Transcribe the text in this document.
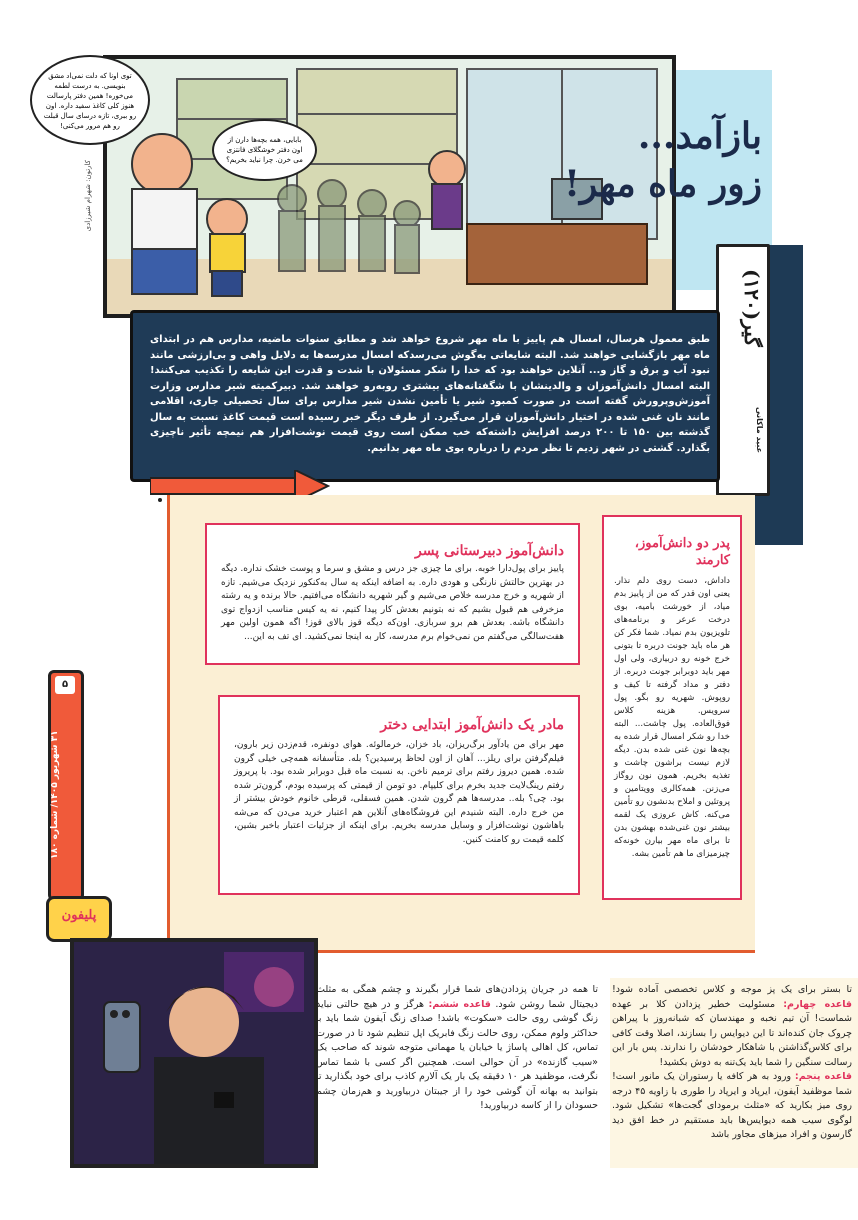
بابایی، همه بچه‌ها دارن از اون دفتر خوشگلای فانتزی می خرن. چرا نباید بخریم؟
توی اونا که دلت نمی‌اد مشق بنویسی. به درست لطمه می‌خوره! همین دفتر پارسالت هنوز کلی کاغذ سفید داره. اون رو ببری، تازه درسای سال قبلت رو هم مرور می‌کنی!
کارتون: شهرام شیرزادی
بازآمد...
زور ماه مهر!
گیر‌(۱۲۰)
عبید ماکانی
طبق معمول هرسال، امسال هم پاییز با ماه مهر شروع خواهد شد و مطابق سنوات ماضیه، مدارس هم در ابتدای ماه مهر بازگشایی خواهند شد. البته شایعاتی به‌گوش می‌رسدکه امسال مدرسه‌ها به دلایل واهی و بی‌ارزشی مانند نبود آب و برق و گاز و... آنلاین خواهند بود که خدا را شکر مسئولان با شدت و قدرت این شایعه را تکذیب می‌کنند! البته امسال دانش‌آموزان و والدینشان با شگفتانه‌های بیشتری روبه‌رو خواهند شد. دبیرکمیته شیر مدارس وزارت آموزش‌وپرورش گفته است در صورت کمبود شیر یا تأمین نشدن شیر مدارس برای سال تحصیلی جاری، اقلامی مانند نان غنی شده در اختیار دانش‌آموزان قرار می‌گیرد. از طرف دیگر خبر رسیده است قیمت کاغذ نسبت به سال گذشته بین ۱۵۰ تا ۲۰۰ درصد افزایش داشته‌که خب ممکن است روی قیمت نوشت‌افزار هم نیمچه تأثیر ناچیزی بگذارد. گشتی در شهر زدیم تا نظر مردم را درباره بوی ماه مهر بدانیم.
دانش‌آموز دبیرستانی پسر
پاییز برای پول‌دارا خوبه. برای ما چیزی جز درس و مشق و سرما و پوست خشک نداره. دیگه در بهترین حالتش نارنگی و هودی داره. به اضافه اینکه یه سال به‌کنکور نزدیک می‌شیم. تازه از شهریه و خرج مدرسه خلاص می‌شیم و گیر شهریه دانشگاه می‌افتیم. حالا برنده و یه رشته مزخرفی هم قبول بشیم که نه بتونیم بعدش کار پیدا کنیم، نه یه کیس مناسب ازدواج توی دانشگاه باشه. بعدش هم برو سربازی. اون‌که دیگه قوز بالای قوز! اگه همون اولین مهر هفت‌سالگی می‌گفتم من نمی‌خوام برم مدرسه، کار به اینجا نمی‌کشید. ای تف به این...
مادر یک دانش‌آموز ابتدایی دختر
مهر برای من یادآور برگ‌ریزان، باد خزان، خرمالوئه. هوای دونفره، قدم‌زدن زیر بارون، فیلم‌گرفتن برای ریلز... آهان از اون لحاظ پرسیدین؟ بله. متأسفانه همه‌چی خیلی گرون شده. همین دیروز رفتم برای ترمیم ناخن. به نسبت ماه قبل دوبرابر شده بود. با پریروز رفتم رینگ‌لایت جدید بخرم برای کلیپام. دو تومن از قیمتی که پرسیده بودم، گرون‌تر شده بود. چی؟ بله.. مدرسه‌ها هم گرون شدن. همین فسقلی، قرطی خانوم خودش بیشتر از من خرج داره. البته شنیدم این فروشگاه‌های آنلاین هم اعتبار خرید می‌دن که می‌شه باهاشون نوشت‌افزار و وسایل مدرسه بخریم. برای اینکه از جزئیات اعتبار باخبر بشین، کلمه قیمت رو کامنت کنین.
پدر دو دانش‌آموز، کارمند
داداش، دست روی دلم نذار. یعنی اون قدر که من از پاییز بدم میاد، از خورشت بامیه، بوی درخت عرعر و برنامه‌های تلویزیون بدم نمیاد. شما فکر کن هر ماه باید جونت دربره تا بتونی خرج خونه رو دربیاری، ولی اول مهر باید دوبرابر جونت دربره. از دفتر و مداد گرفته تا کیف و روپوش. شهریه رو بگو. پول سرویس. هزینه کلاس فوق‌العاده. پول چاشت... البته خدا رو شکر امسال قرار شده به بچه‌ها نون غنی شده بدن. دیگه لازم نیست براشون چاشت و تغذیه بخریم. همون نون روگاز می‌زنن. همه‌کالری وویتامین و پروتئین و املاح بدنشون رو تأمین می‌کنه. کاش عروزی یک لقمه بیشتر نون غنی‌شده بهشون بدن تا برای ماه مهر بیارن خونه‌که چیزمیزای ما هم تأمین بشه.
۵
۳۱ شهریور ۱۴۰۵/ شماره ۱۸۰
پلیفون
تا همه در جریان پزدادن‌های شما قرار بگیرند و چشم همگی به مثلث دیجیتال شما روشن شود. قاعده ششم: هرگز و در هیچ حالتی نباید زنگ گوشی روی حالت «سکوت» باشد! صدای زنگ آیفون شما باید با حداکثر ولوم ممکن، روی حالت زنگ فابریک اپل تنظیم شود تا در صورت تماس، کل اهالی پاساژ یا خیابان یا مهمانی متوجه شوند که صاحب یک «سیب گازنده» در آن حوالی است. همچنین اگر کسی با شما تماس نگرفت، موظفید هر ۱۰ دقیقه یک بار یک آلارم کاذب برای خود بگذارید تا بتوانید به بهانه آن گوشی خود را از جیبتان دربیاورید و هم‌زمان چشم حسودان را از کاسه دربیاورید!
تا بستر برای یک پز موجه و کلاس تخصصی آماده شود! قاعده چهارم: مسئولیت خطیر پزدادن کلا بر عهده شماست! آن تیم نخبه و مهندسان که شبانه‌روز با پیراهن چروک جان کنده‌اند تا این دیوایس را بسازند، اصلا وقت کافی برای کلاس‌گذاشتن با شاهکار خودشان را ندارند. پس بار این رسالت سنگین را شما باید یک‌تنه به دوش بکشید!
قاعده پنجم: ورود به هر کافه یا رستوران یک مانور است! شما موظفید آیفون، ایرپاد و ایرپاد را طوری با زاویه ۴۵ درجه روی میز بکارید که «مثلث برمودای گجت‌ها» تشکیل شود. لوگوی سیب همه دیوایس‌ها باید مستقیم در خط افق دید گارسون و افراد میزهای مجاور باشد
